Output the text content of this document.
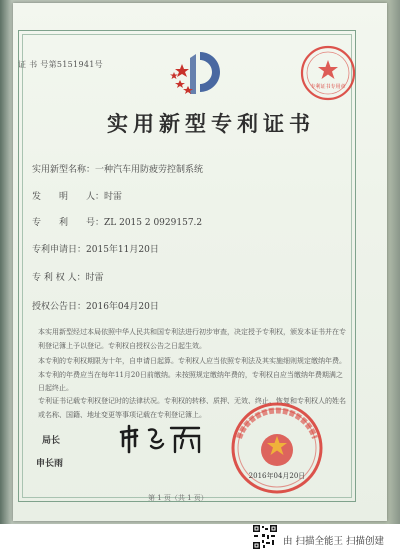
证 书 号第5151941号
专利证书专用章
实用新型专利证书
实用新型名称：一种汽车用防疲劳控制系统
发　　明　　人：时雷
专　　利　　号：ZL 2015 2 0929157.2
专利申请日：2015年11月20日
专 利 权 人：时雷
授权公告日：2016年04月20日
本实用新型经过本局依照中华人民共和国专利法进行初步审查，决定授予专利权，颁发本证书并在专利登记簿上予以登记。专利权自授权公告之日起生效。
本专利的专利权期限为十年，自申请日起算。专利权人应当依照专利法及其实施细则规定缴纳年费。本专利的年费应当在每年11月20日前缴纳。未按照规定缴纳年费的，专利权自应当缴纳年费期满之日起终止。
专利证书记载专利权登记时的法律状况。专利权的转移、质押、无效、终止、恢复和专利权人的姓名或名称、国籍、地址变更等事项记载在专利登记簿上。
局长
申长雨
2016年04月20日
第 1 页（共 1 页）
由 扫描全能王 扫描创建
